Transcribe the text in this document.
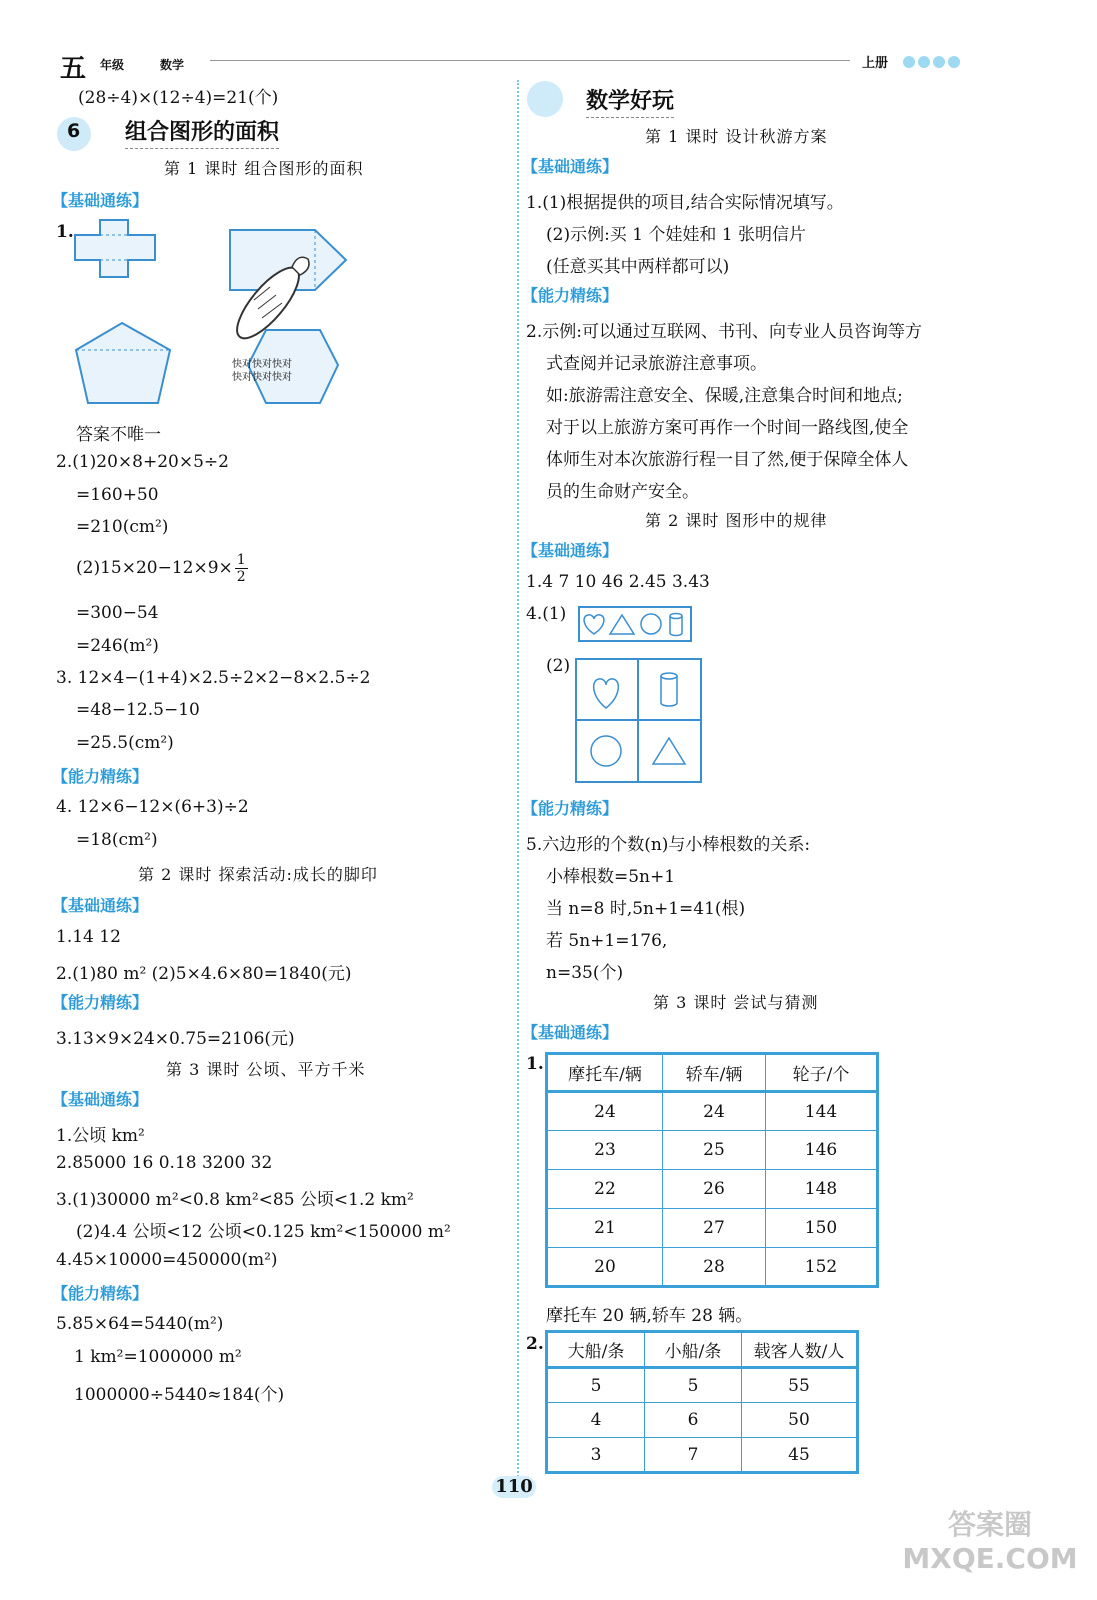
五 年级	数学	上册
(28÷4)×(12÷4)=21(个)
6 组合图形的面积
第 1 课时 组合图形的面积
【基础通练】
1.
快对快对快对
快对快对快对
答案不唯一
2.(1)20×8+20×5÷2
=160+50
=210(cm²)
$(2)15\times 20-12\times 9\times \frac{1}{2}$
=300−54
=246(m²)
3. 12×4−(1+4)×2.5÷2×2−8×2.5÷2
=48−12.5−10
=25.5(cm²)
【能力精练】
4. 12×6−12×(6+3)÷2
=18(cm²)
第 2 课时 探索活动:成长的脚印
【基础通练】
1.14 12
2.(1)80 m² (2)5×4.6×80=1840(元)
【能力精练】
3.13×9×24×0.75=2106(元)
第 3 课时 公顷、平方千米
【基础通练】
1.公顷 km²
2.85000 16 0.18 3200 32
3.(1)30000 m²<0.8 km²<85 公顷<1.2 km²
(2)4.4 公顷<12 公顷<0.125 km²<150000 m²
4.45×10000=450000(m²)
【能力精练】
5.85×64=5440(m²)
1 km²=1000000 m²
1000000÷5440≈184(个)
数学好玩
第 1 课时 设计秋游方案
【基础通练】
1.(1)根据提供的项目,结合实际情况填写。
(2)示例:买 1 个娃娃和 1 张明信片
(任意买其中两样都可以)
【能力精练】
2.示例:可以通过互联网、书刊、向专业人员咨询等方
式查阅并记录旅游注意事项。
如:旅游需注意安全、保暖,注意集合时间和地点;
对于以上旅游方案可再作一个时间一路线图,使全
体师生对本次旅游行程一目了然,便于保障全体人
员的生命财产安全。
第 2 课时 图形中的规律
【基础通练】
1.4 7 10 46 2.45 3.43
4.(1)
(2)
【能力精练】
5.六边形的个数(n)与小棒根数的关系:
小棒根数=5n+1
当 n=8 时,5n+1=41(根)
若 5n+1=176,
n=35(个)
第 3 课时 尝试与猜测
【基础通练】
1.
摩托车/辆	轿车/辆	轮子/个
24	24	144
23	25	146
22	26	148
21	27	150
20	28	152
摩托车 20 辆,轿车 28 辆。
2. 大船/条	小船/条	载客人数/人
5	5	55
4	6	50
3	7	45
110
答案圈 MXQE.COM
